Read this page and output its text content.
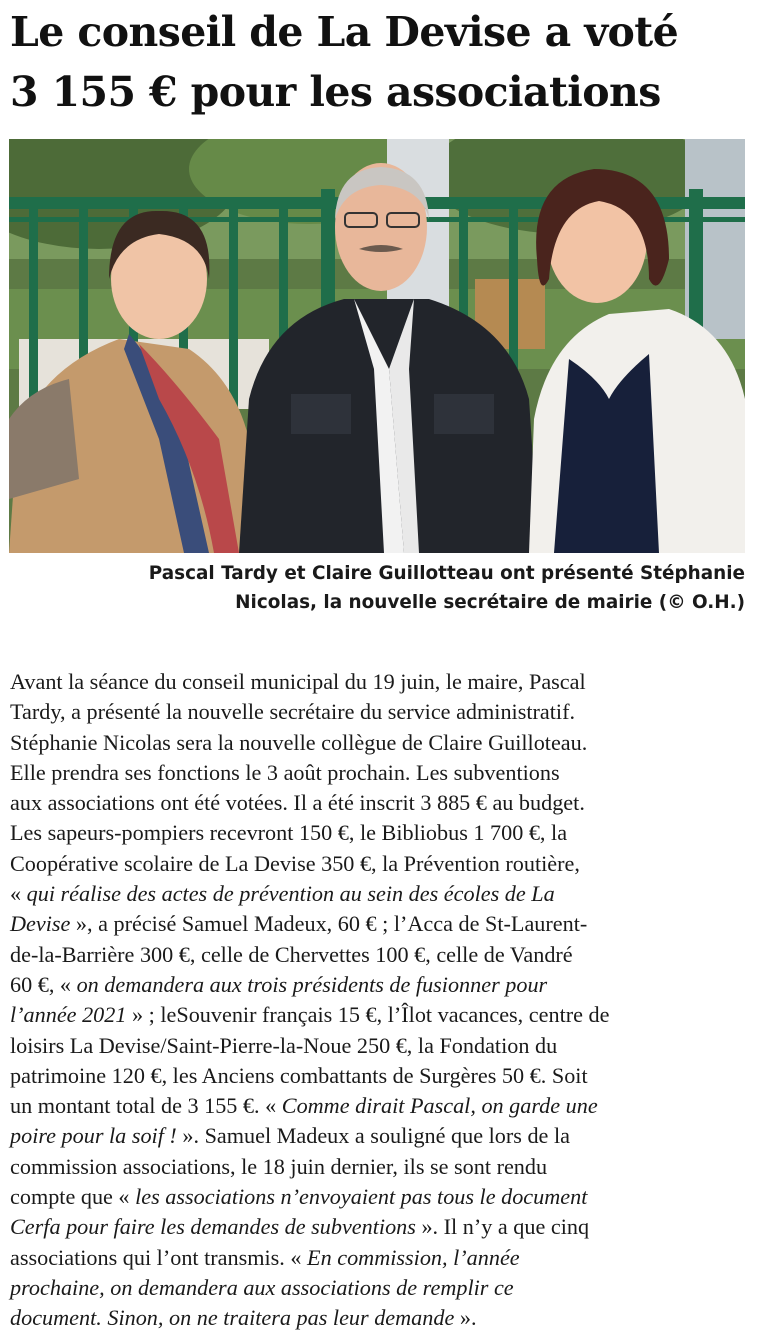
Le conseil de La Devise a voté
3 155 € pour les associations

Pascal Tardy et Claire Guillotteau ont présenté Stéphanie
Nicolas, la nouvelle secrétaire de mairie (© O.H.)

Avant la séance du conseil municipal du 19 juin, le maire, Pascal
Tardy, a présenté la nouvelle secrétaire du service administratif.
Stéphanie Nicolas sera la nouvelle collègue de Claire Guilloteau.
Elle prendra ses fonctions le 3 août prochain. Les subventions
aux associations ont été votées. Il a été inscrit 3 885 € au budget.
Les sapeurs-pompiers recevront 150 €, le Bibliobus 1 700 €, la
Coopérative scolaire de La Devise 350 €, la Prévention routière,
« qui réalise des actes de prévention au sein des écoles de La
Devise », a précisé Samuel Madeux, 60 € ; l’Acca de St-Laurent-
de-la-Barrière 300 €, celle de Chervettes 100 €, celle de Vandré
60 €, « on demandera aux trois présidents de fusionner pour
l’année 2021 » ; leSouvenir français 15 €, l’Îlot vacances, centre de
loisirs La Devise/Saint-Pierre-la-Noue 250 €, la Fondation du
patrimoine 120 €, les Anciens combattants de Surgères 50 €. Soit
un montant total de 3 155 €. « Comme dirait Pascal, on garde une
poire pour la soif ! ». Samuel Madeux a souligné que lors de la
commission associations, le 18 juin dernier, ils se sont rendu
compte que « les associations n’envoyaient pas tous le document
Cerfa pour faire les demandes de subventions ». Il n’y a que cinq
associations qui l’ont transmis. « En commission, l’année
prochaine, on demandera aux associations de remplir ce
document. Sinon, on ne traitera pas leur demande ».
